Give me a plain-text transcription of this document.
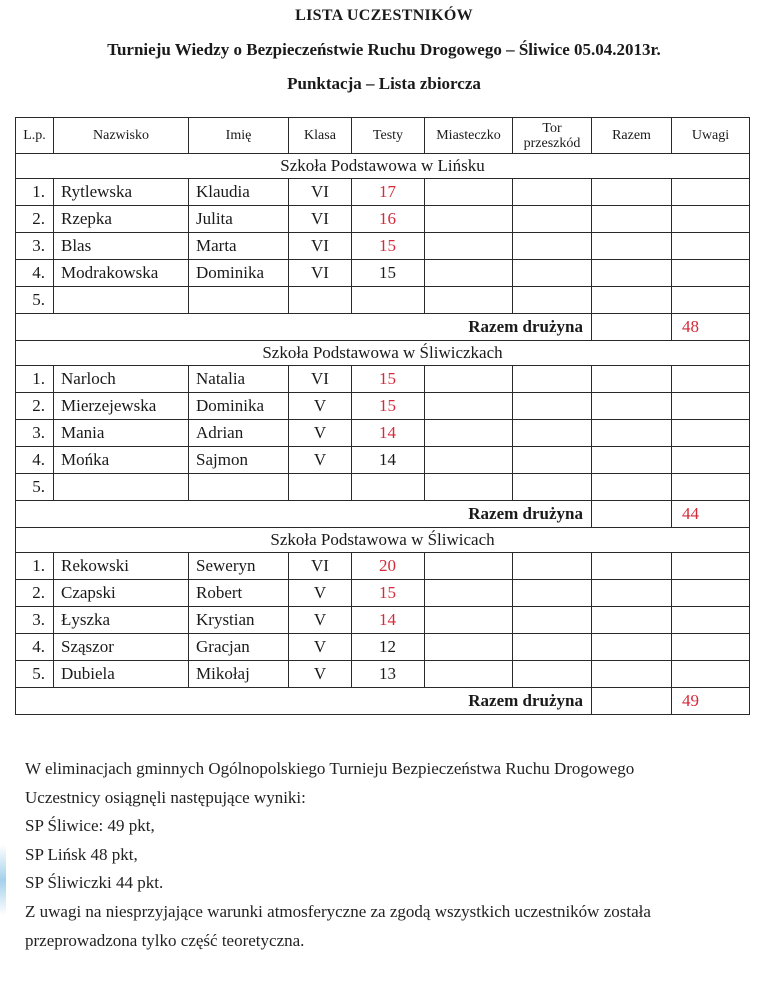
LISTA UCZESTNIKÓW
Turnieju Wiedzy o Bezpieczeństwie Ruchu Drogowego – Śliwice 05.04.2013r.
Punktacja – Lista zbiorcza
L.p.	Nazwisko	Imię	Klasa	Testy	Miasteczko	Tor przeszkód	Razem	Uwagi
Szkoła Podstawowa w Lińsku								
1.	Rytlewska	Klaudia	VI	17				
2.	Rzepka	Julita	VI	16				
3.	Blas	Marta	VI	15				
4.	Modrakowska	Dominika	VI	15				
5.								
Razem drużyna								48
Szkoła Podstawowa w Śliwiczkach								
1.	Narloch	Natalia	VI	15				
2.	Mierzejewska	Dominika	V	15				
3.	Mania	Adrian	V	14				
4.	Mońka	Sajmon	V	14				
5.								
Razem drużyna								44
Szkoła Podstawowa w Śliwicach								
1.	Rekowski	Seweryn	VI	20				
2.	Czapski	Robert	V	15				
3.	Łyszka	Krystian	V	14				
4.	Sząszor	Gracjan	V	12				
5.	Dubiela	Mikołaj	V	13				
Razem drużyna								49

W eliminacjach gminnych Ogólnopolskiego Turnieju Bezpieczeństwa Ruchu Drogowego

Uczestnicy osiągnęli następujące wyniki:

SP Śliwice: 49 pkt,

SP Lińsk 48 pkt,

SP Śliwiczki 44 pkt.

Z uwagi na niesprzyjające warunki atmosferyczne za zgodą wszystkich uczestników została

przeprowadzona tylko część teoretyczna.
